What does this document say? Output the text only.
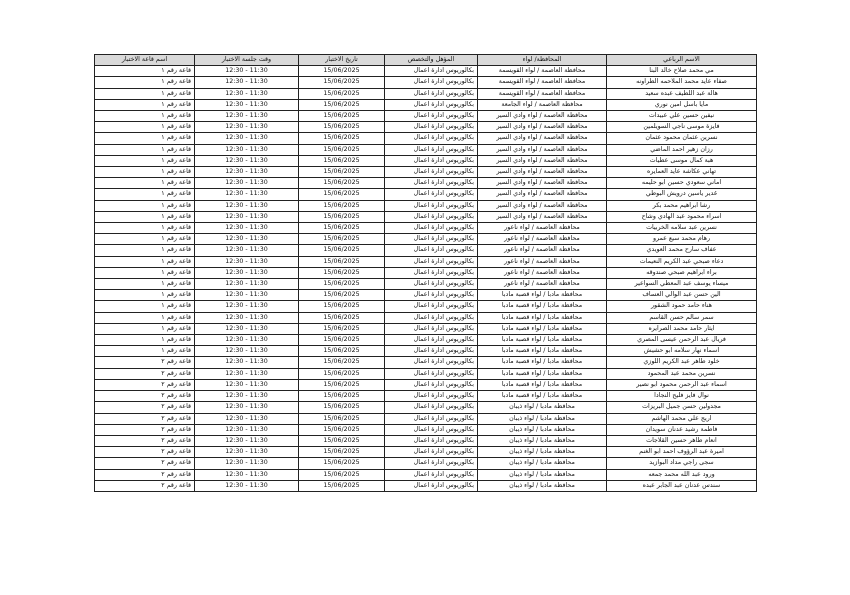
الاسم الرباعي	المحافظة/ لواء	المؤهل والتخصص	تاريخ الاختبار	وقت جلسة الاختبار	اسم قاعة الاختبار
مي محمد صلاح خالد البنا	محافظة العاصمة / لواء القويسمة	بكالوريوس ادارة اعمال	15/06/2025	11:30 - 12:30	قاعة رقم ١
صفاء عايد محمد الملاحمه الطراونه	محافظة العاصمة / لواء القويسمة	بكالوريوس ادارة اعمال	15/06/2025	11:30 - 12:30	قاعة رقم ١
هالة عبد اللطيف عبده سعيد	محافظة العاصمة / لواء القويسمة	بكالوريوس ادارة اعمال	15/06/2025	11:30 - 12:30	قاعة رقم ١
مايا باسل امين نوري	محافظة العاصمة / لواء الجامعة	بكالوريوس ادارة اعمال	15/06/2025	11:30 - 12:30	قاعة رقم ١
نيفين حسين علي عبيدات	محافظة العاصمة / لواء وادي السير	بكالوريوس ادارة اعمال	15/06/2025	11:30 - 12:30	قاعة رقم ١
فايزة موسى ناجي السويلمين	محافظة العاصمة / لواء وادي السير	بكالوريوس ادارة اعمال	15/06/2025	11:30 - 12:30	قاعة رقم ١
نسرين عثمان محمود عثمان	محافظة العاصمة / لواء وادي السير	بكالوريوس ادارة اعمال	15/06/2025	11:30 - 12:30	قاعة رقم ١
رزان زهير احمد الماضي	محافظة العاصمة / لواء وادي السير	بكالوريوس ادارة اعمال	15/06/2025	11:30 - 12:30	قاعة رقم ١
هبة كمال موسى عطيات	محافظة العاصمة / لواء وادي السير	بكالوريوس ادارة اعمال	15/06/2025	11:30 - 12:30	قاعة رقم ١
تهاني عكاشة عايد العمايره	محافظة العاصمة / لواء وادي السير	بكالوريوس ادارة اعمال	15/06/2025	11:30 - 12:30	قاعة رقم ١
اماني سعودي حسين ابو حليمه	محافظة العاصمة / لواء وادي السير	بكالوريوس ادارة اعمال	15/06/2025	11:30 - 12:30	قاعة رقم ١
غدير ياسين درويش البوطي	محافظة العاصمة / لواء وادي السير	بكالوريوس ادارة اعمال	15/06/2025	11:30 - 12:30	قاعة رقم ١
رشا ابراهيم محمد بكر	محافظة العاصمة / لواء وادي السير	بكالوريوس ادارة اعمال	15/06/2025	11:30 - 12:30	قاعة رقم ١
اسراء محمود عبد الهادي وشاح	محافظة العاصمة / لواء وادي السير	بكالوريوس ادارة اعمال	15/06/2025	11:30 - 12:30	قاعة رقم ١
نسرين عبد سلامه الخربيات	محافظة العاصمة / لواء ناعور	بكالوريوس ادارة اعمال	15/06/2025	11:30 - 12:30	قاعة رقم ١
رهام محمد سيع عمرو	محافظة العاصمة / لواء ناعور	بكالوريوس ادارة اعمال	15/06/2025	11:30 - 12:30	قاعة رقم ١
عفاف سارح محمد العويدي	محافظة العاصمة / لواء ناعور	بكالوريوس ادارة اعمال	15/06/2025	11:30 - 12:30	قاعة رقم ١
دعاء صبحي عبد الكريم النعيمات	محافظة العاصمة / لواء ناعور	بكالوريوس ادارة اعمال	15/06/2025	11:30 - 12:30	قاعة رقم ١
براء ابراهيم صبحي صندوقه	محافظة العاصمة / لواء ناعور	بكالوريوس ادارة اعمال	15/06/2025	11:30 - 12:30	قاعة رقم ١
ميساء يوسف عبد المعطي السواعير	محافظة العاصمة / لواء ناعور	بكالوريوس ادارة اعمال	15/06/2025	11:30 - 12:30	قاعة رقم ١
الين حسن عبد الوالي العساف	محافظة مادبا / لواء قصبة مادبا	بكالوريوس ادارة اعمال	15/06/2025	11:30 - 12:30	قاعة رقم ١
هناء حامد حمود الشقور	محافظة مادبا / لواء قصبة مادبا	بكالوريوس ادارة اعمال	15/06/2025	11:30 - 12:30	قاعة رقم ١
سمر سالم حسن القاسم	محافظة مادبا / لواء قصبة مادبا	بكالوريوس ادارة اعمال	15/06/2025	11:30 - 12:30	قاعة رقم ١
ايثار حامد محمد الصرايره	محافظة مادبا / لواء قصبة مادبا	بكالوريوس ادارة اعمال	15/06/2025	11:30 - 12:30	قاعة رقم ١
فريال عبد الرحمن عيسى المصري	محافظة مادبا / لواء قصبة مادبا	بكالوريوس ادارة اعمال	15/06/2025	11:30 - 12:30	قاعة رقم ١
اسماء نهار سلامه ابو حشيش	محافظة مادبا / لواء قصبة مادبا	بكالوريوس ادارة اعمال	15/06/2025	11:30 - 12:30	قاعة رقم ١
خلود طاهر عبد الكريم اللوزي	محافظة مادبا / لواء قصبة مادبا	بكالوريوس ادارة اعمال	15/06/2025	11:30 - 12:30	قاعة رقم ٢
نسرين محمد عبد المحمود	محافظة مادبا / لواء قصبة مادبا	بكالوريوس ادارة اعمال	15/06/2025	11:30 - 12:30	قاعة رقم ٢
اسماء عبد الرحمن محمود ابو نصير	محافظة مادبا / لواء قصبة مادبا	بكالوريوس ادارة اعمال	15/06/2025	11:30 - 12:30	قاعة رقم ٢
نوال فايز فليح النجادا	محافظة مادبا / لواء قصبة مادبا	بكالوريوس ادارة اعمال	15/06/2025	11:30 - 12:30	قاعة رقم ٢
مجدولين حسن جميل البريزات	محافظة مادبا / لواء ذيبان	بكالوريوس ادارة اعمال	15/06/2025	11:30 - 12:30	قاعة رقم ٢
اريج علي محمد الهاشم	محافظة مادبا / لواء ذيبان	بكالوريوس ادارة اعمال	15/06/2025	11:30 - 12:30	قاعة رقم ٢
فاطمة رشيد عدنان سويدان	محافظة مادبا / لواء ذيبان	بكالوريوس ادارة اعمال	15/06/2025	11:30 - 12:30	قاعة رقم ٢
انعام طاهر حسين القلاجات	محافظة مادبا / لواء ذيبان	بكالوريوس ادارة اعمال	15/06/2025	11:30 - 12:30	قاعة رقم ٢
اميرة عبد الرؤوف احمد ابو الغنم	محافظة مادبا / لواء ذيبان	بكالوريوس ادارة اعمال	15/06/2025	11:30 - 12:30	قاعة رقم ٢
سجى راجي مداد البوازيد	محافظة مادبا / لواء ذيبان	بكالوريوس ادارة اعمال	15/06/2025	11:30 - 12:30	قاعة رقم ٢
ورود عبد الله محمد جمعه	محافظة مادبا / لواء ذيبان	بكالوريوس ادارة اعمال	15/06/2025	11:30 - 12:30	قاعة رقم ٢
سندس عدنان عبد الجابر عبده	محافظة مادبا / لواء ذيبان	بكالوريوس ادارة اعمال	15/06/2025	11:30 - 12:30	قاعة رقم ٢
